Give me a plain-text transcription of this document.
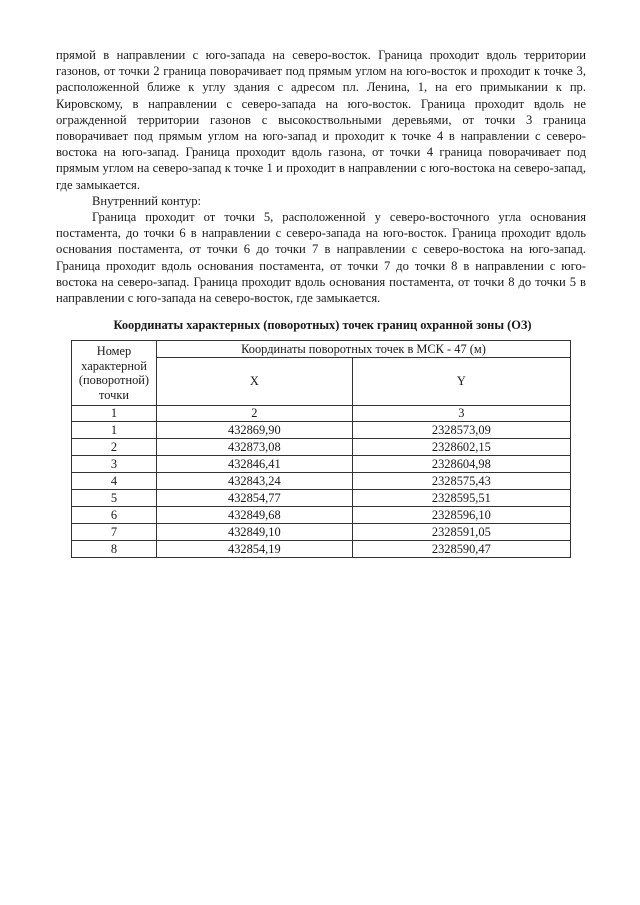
прямой в направлении с юго-запада на северо-восток. Граница проходит вдоль территории газонов, от точки 2 граница поворачивает под прямым углом на юго-восток и проходит к точке 3, расположенной ближе к углу здания с адресом пл. Ленина, 1, на его примыкании к пр. Кировскому, в направлении с северо-запада на юго-восток. Граница проходит вдоль не огражденной территории газонов с высокоствольными деревьями, от точки 3 граница поворачивает под прямым углом на юго-запад и проходит к точке 4 в направлении с северо-востока на юго-запад. Граница проходит вдоль газона, от точки 4 граница поворачивает под прямым углом на северо-запад к точке 1 и проходит в направлении с юго-востока на северо-запад, где замыкается.

Внутренний контур:

Граница проходит от точки 5, расположенной у северо-восточного угла основания постамента, до точки 6 в направлении с северо-запада на юго-восток. Граница проходит вдоль основания постамента, от точки 6 до точки 7 в направлении с северо-востока на юго-запад. Граница проходит вдоль основания постамента, от точки 7 до точки 8 в направлении с юго-востока на северо-запад. Граница проходит вдоль основания постамента, от точки 8 до точки 5 в направлении с юго-запада на северо-восток, где замыкается.

Координаты характерных (поворотных) точек границ охранной зоны (ОЗ)
Номер характерной (поворотной) точки	Координаты поворотных точек в МСК - 47 (м)	
	X	Y
1	2	3
1	432869,90	2328573,09
2	432873,08	2328602,15
3	432846,41	2328604,98
4	432843,24	2328575,43
5	432854,77	2328595,51
6	432849,68	2328596,10
7	432849,10	2328591,05
8	432854,19	2328590,47
